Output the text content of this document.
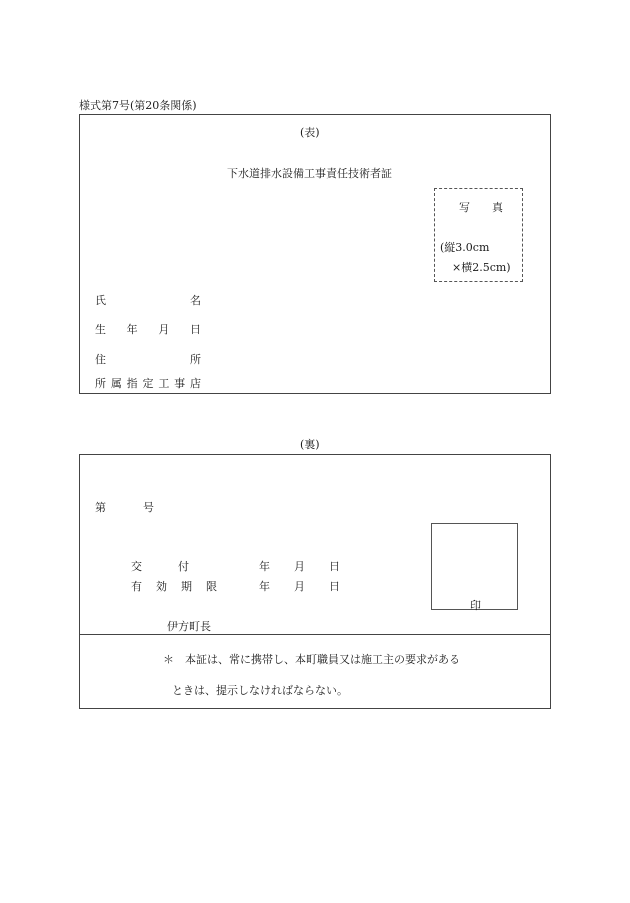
様式第7号(第20条関係)
(表)
下水道排水設備工事責任技術者証
写　　真
(縦3.0cm
×横2.5cm)
氏	名
生 年 月 日
住	所
所 属 指 定 工 事 店
(裏)
第	号
交	付	年 月 日
有 効 期 限	年 月 日
印
伊方町長
＊　本証は、常に携帯し、本町職員又は施工主の要求がある
ときは、提示しなければならない。
